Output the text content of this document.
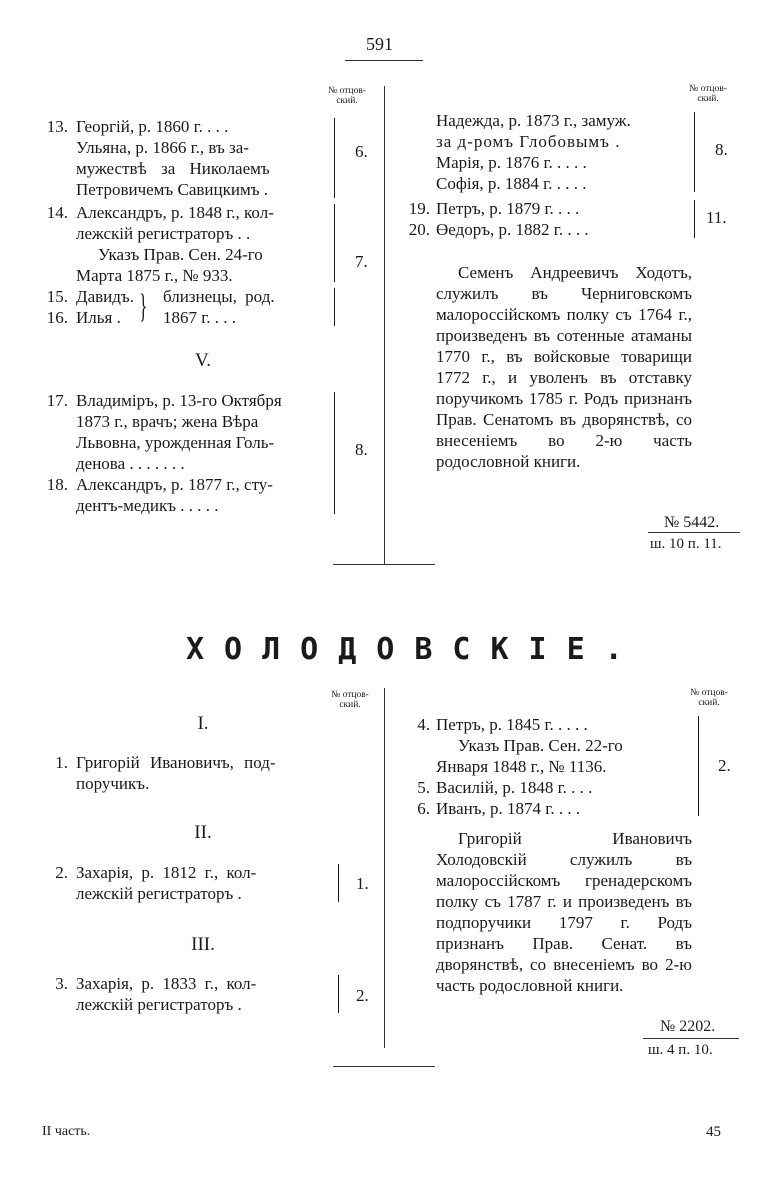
591
№ отцов-ский.
№ отцов-ский.
13. Георгій, р. 1860 г. . . .
Ульяна, р. 1866 г., въ за-
мужествѣ за Николаемъ
Петровичемъ Савицкимъ .
6.
14. Александръ, р. 1848 г., кол-
лежскій регистраторъ . .
Указъ Прав. Сен. 24-го
Марта 1875 г., № 933.
7.
15. Давидъ.
16. Илья . } близнецы, род.
1867 г. . . .
V.
17. Владиміръ, р. 13-го Октября
1873 г., врачъ; жена Вѣра
Львовна, урожденная Голь-
денова . . . . . . .
18. Александръ, р. 1877 г., сту-
дентъ-медикъ . . . . .
8.
Надежда, р. 1873 г., замуж.
за д-ромъ Глобовымъ .
Марія, р. 1876 г. . . . .
Софія, р. 1884 г. . . . .
8.
19. Петръ, р. 1879 г. . . .
20. Өедоръ, р. 1882 г. . . .
11.
Семенъ Андреевичъ Ходотъ, служилъ въ Черниговскомъ малороссійскомъ полку съ 1764 г., произведенъ въ сотенные атаманы 1770 г., въ войсковые товарищи 1772 г., и уволенъ въ отставку поручикомъ 1785 г. Родъ признанъ Прав. Сенатомъ въ дворянствѣ, со внесеніемъ во 2-ю часть родословной книги.
№ 5442.
ш. 10 п. 11.
ХОЛОДОВСКІЕ.
№ отцов-ский.
№ отцов-ский.
I.
1. Григорій Ивановичъ, под-
поручикъ.
II.
2. Захарія, р. 1812 г., кол-
лежскій регистраторъ .
1.
III.
3. Захарія, р. 1833 г., кол-
лежскій регистраторъ .	2.
4. Петръ, р. 1845 г. . . . .
Указъ Прав. Сен. 22-го
Января 1848 г., № 1136.
5. Василій, р. 1848 г. . . .
6. Иванъ, р. 1874 г. . . .
2.
Григорій Ивановичъ Холодовскій служилъ въ малороссійскомъ гренадерскомъ полку съ 1787 г. и произведенъ въ подпоручики 1797 г. Родъ признанъ Прав. Сенат. въ дворянствѣ, со внесеніемъ во 2-ю часть родословной книги.
№ 2202.
ш. 4 п. 10.
II часть.	45
